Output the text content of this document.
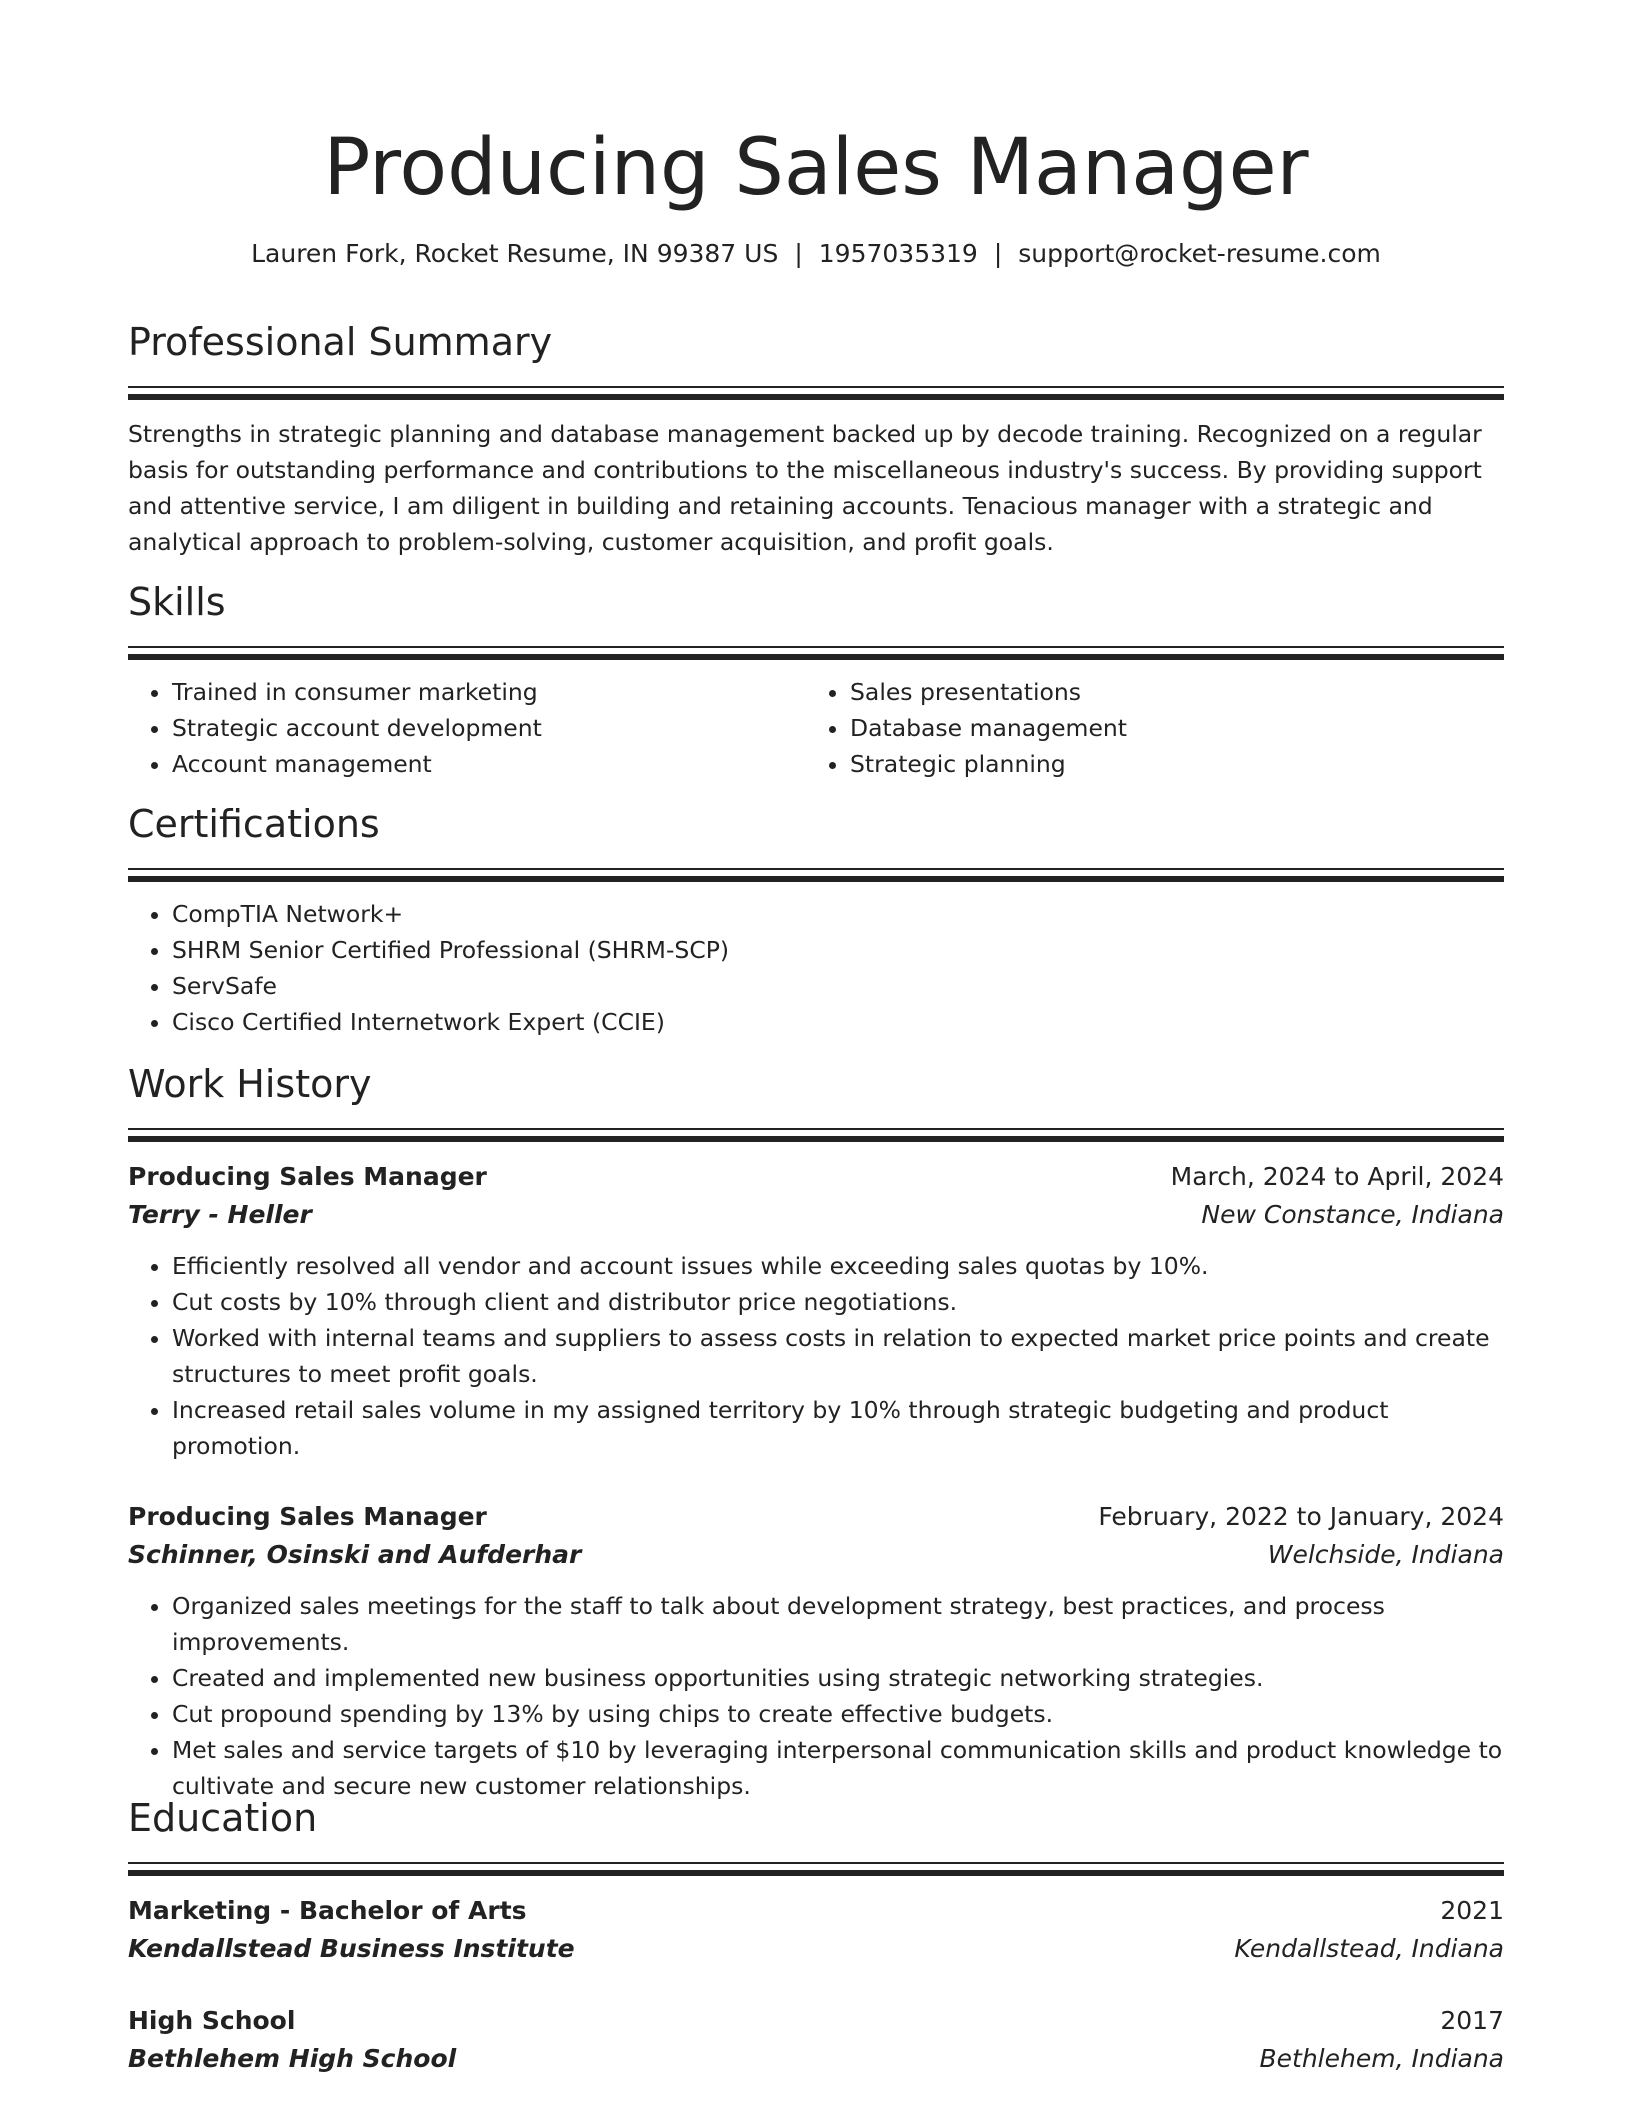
Producing Sales Manager
Lauren Fork, Rocket Resume, IN 99387 US | 1957035319 | support@rocket-resume.com
Professional Summary

Strengths in strategic planning and database management backed up by decode training. Recognized on a regular basis for outstanding performance and contributions to the miscellaneous industry's success. By providing support and attentive service, I am diligent in building and retaining accounts. Tenacious manager with a strategic and analytical approach to problem-solving, customer acquisition, and profit goals.

Skills
• Trained in consumer marketing
• Strategic account development
• Account management
• Sales presentations
• Database management
• Strategic planning
Certifications
• CompTIA Network+
• SHRM Senior Certified Professional (SHRM-SCP)
• ServSafe
• Cisco Certified Internetwork Expert (CCIE)
Work History
Producing Sales Manager	March, 2024 to April, 2024
Terry - Heller	New Constance, Indiana
• Efficiently resolved all vendor and account issues while exceeding sales quotas by 10%.
• Cut costs by 10% through client and distributor price negotiations.
• Worked with internal teams and suppliers to assess costs in relation to expected market price points and create structures to meet profit goals.
• Increased retail sales volume in my assigned territory by 10% through strategic budgeting and product promotion.
Producing Sales Manager	February, 2022 to January, 2024
Schinner, Osinski and Aufderhar	Welchside, Indiana
• Organized sales meetings for the staff to talk about development strategy, best practices, and process improvements.
• Created and implemented new business opportunities using strategic networking strategies.
• Cut propound spending by 13% by using chips to create effective budgets.
• Met sales and service targets of $10 by leveraging interpersonal communication skills and product knowledge to cultivate and secure new customer relationships.
Education
Marketing - Bachelor of Arts	2021
Kendallstead Business Institute	Kendallstead, Indiana
High School	2017
Bethlehem High School	Bethlehem, Indiana
